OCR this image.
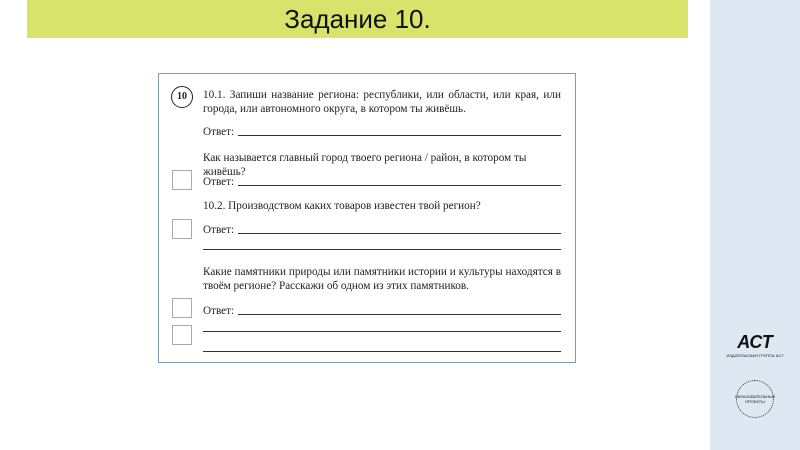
Задание 10.
10	10.1. Запиши название региона: республики, или области, или края, или города, или автономного округа, в котором ты живёшь.
Ответ:
Как называется главный город твоего региона / район, в котором ты живёшь?
Ответ:
10.2. Производством каких товаров известен твой регион?
Ответ:
Какие памятники природы или памятники истории и культуры находятся в твоём регионе? Расскажи об одном из этих памятников.
Ответ:
АСТ
ИЗДАТЕЛЬСКАЯ ГРУППА АСТ
ОБРАЗОВАТЕЛЬНЫЕ ПРОЕКТЫ
